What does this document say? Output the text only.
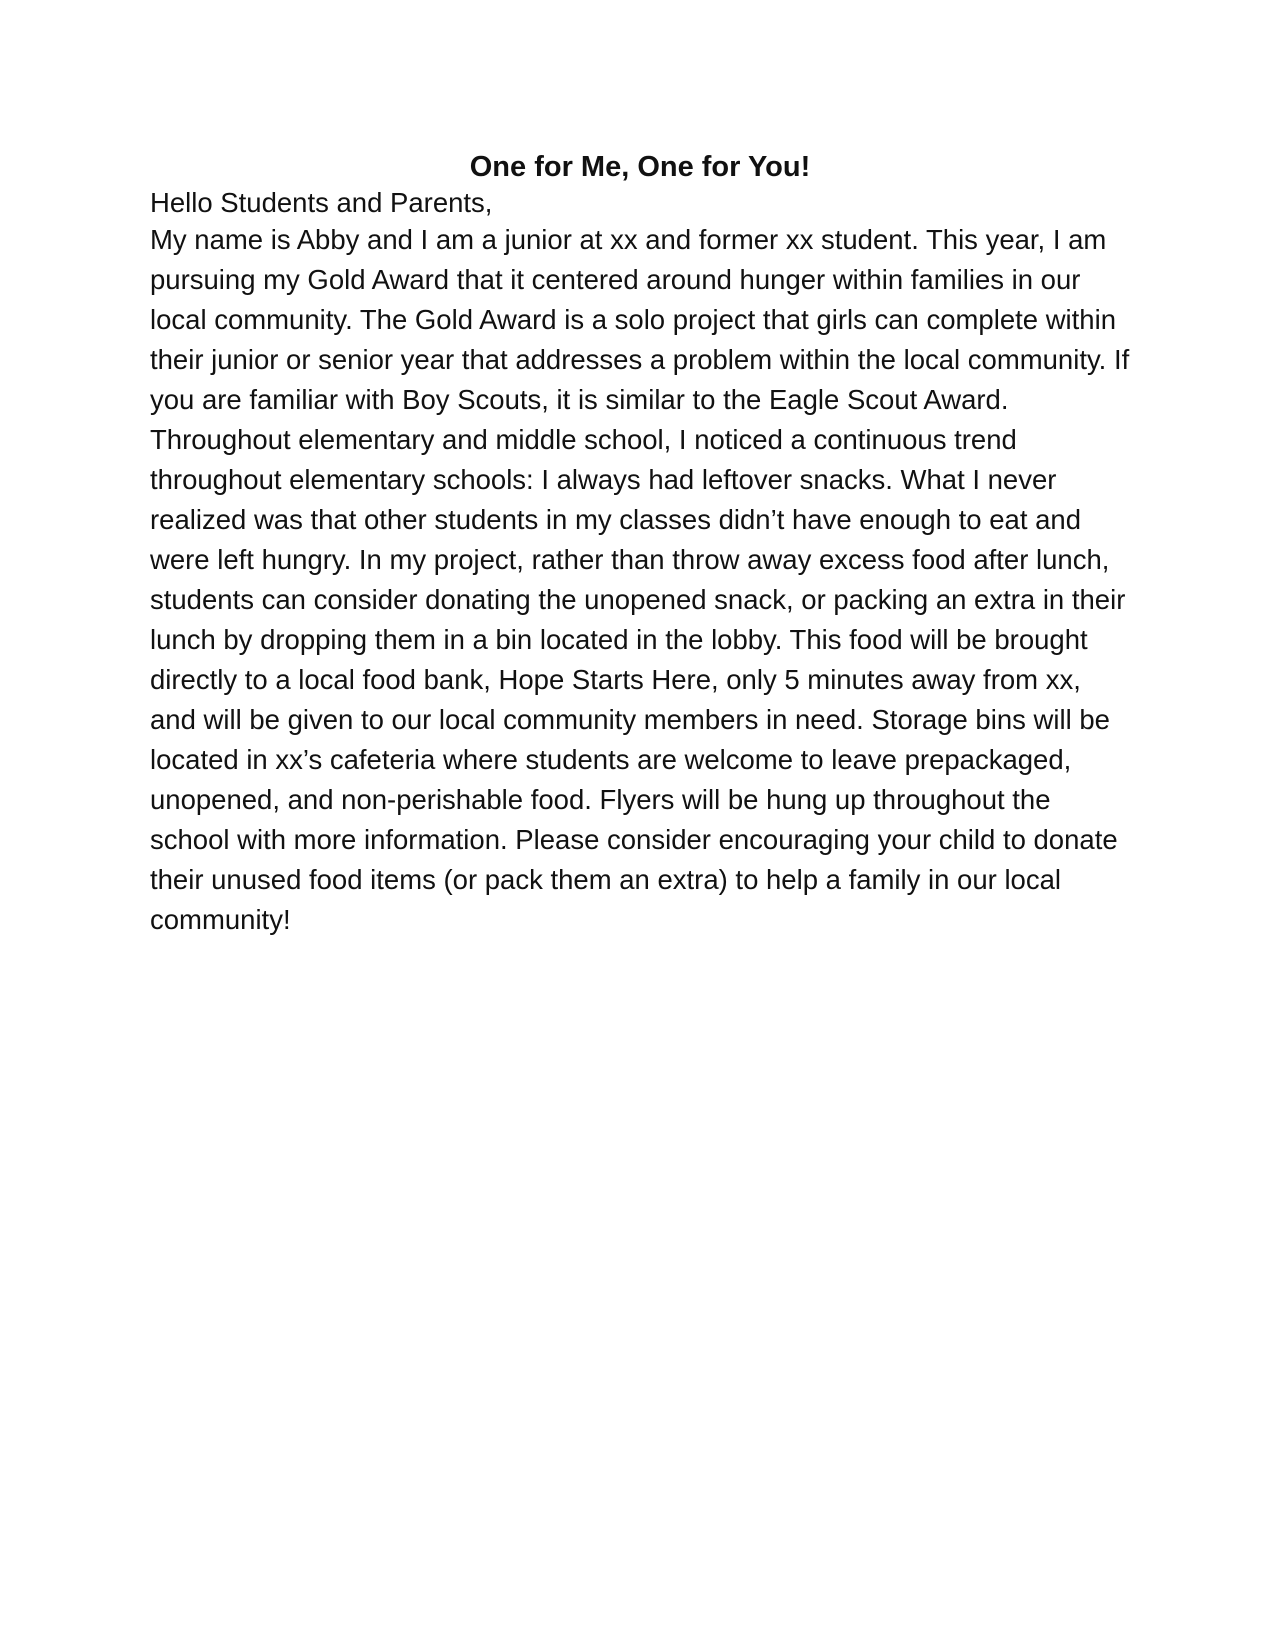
One for Me, One for You!

Hello Students and Parents,

My name is Abby and I am a junior at xx and former xx student. This year, I am pursuing my Gold Award that it centered around hunger within families in our local community. The Gold Award is a solo project that girls can complete within their junior or senior year that addresses a problem within the local community. If you are familiar with Boy Scouts, it is similar to the Eagle Scout Award. Throughout elementary and middle school, I noticed a continuous trend throughout elementary schools: I always had leftover snacks. What I never realized was that other students in my classes didn’t have enough to eat and were left hungry. In my project, rather than throw away excess food after lunch, students can consider donating the unopened snack, or packing an extra in their lunch by dropping them in a bin located in the lobby. This food will be brought directly to a local food bank, Hope Starts Here, only 5 minutes away from xx, and will be given to our local community members in need. Storage bins will be located in xx’s cafeteria where students are welcome to leave prepackaged, unopened, and non-perishable food. Flyers will be hung up throughout the school with more information. Please consider encouraging your child to donate their unused food items (or pack them an extra) to help a family in our local community!
